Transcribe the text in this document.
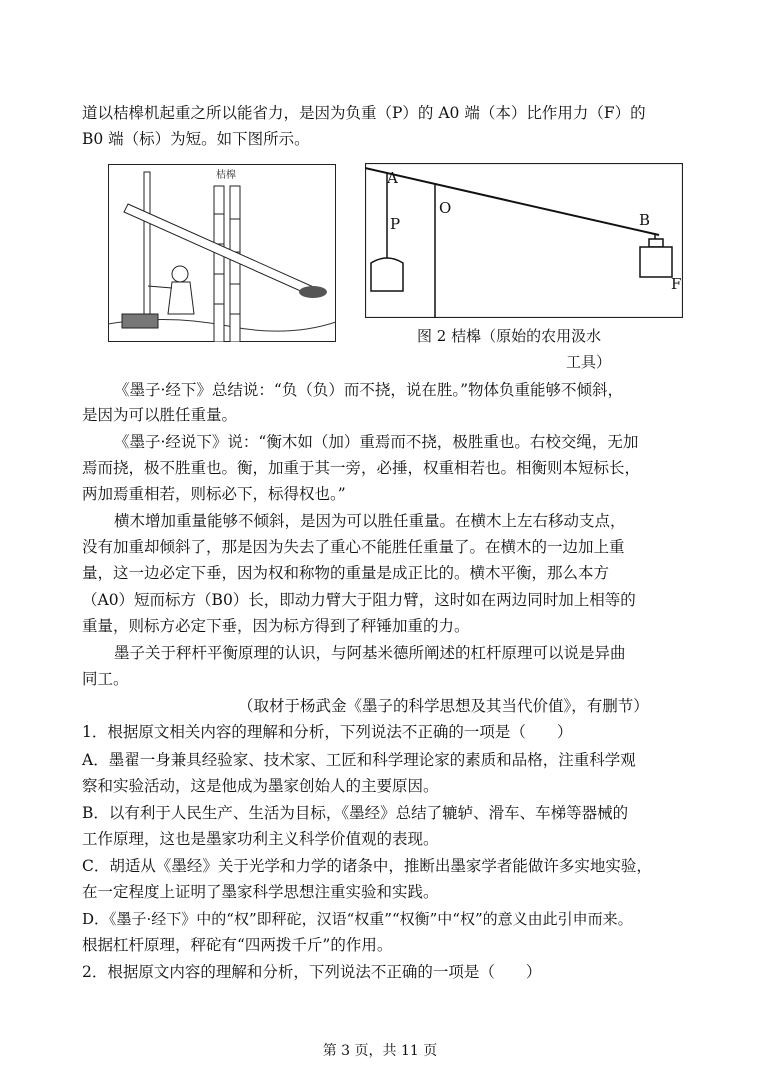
道以桔槔机起重之所以能省力，是因为负重（P）的 A0 端（本）比作用力（F）的
B0 端（标）为短。如下图所示。
桔槔	A
O
P	B
F
图 2 桔槔（原始的农用汲水
工具）
《墨子·经下》总结说：“负（负）而不挠，说在胜。”物体负重能够不倾斜，
是因为可以胜任重量。
《墨子·经说下》说：“衡木如（加）重焉而不挠，极胜重也。右校交绳，无加
焉而挠，极不胜重也。衡，加重于其一旁，必捶，权重相若也。相衡则本短标长，
两加焉重相若，则标必下，标得权也。”
横木增加重量能够不倾斜，是因为可以胜任重量。在横木上左右移动支点，
没有加重却倾斜了，那是因为失去了重心不能胜任重量了。在横木的一边加上重
量，这一边必定下垂，因为权和称物的重量是成正比的。横木平衡，那么本方
（A0）短而标方（B0）长，即动力臂大于阻力臂，这时如在两边同时加上相等的
重量，则标方必定下垂，因为标方得到了秤锤加重的力。
墨子关于秤杆平衡原理的认识，与阿基米德所阐述的杠杆原理可以说是异曲
同工。
（取材于杨武金《墨子的科学思想及其当代价值》，有删节）
1．根据原文相关内容的理解和分析，下列说法不正确的一项是（　　）
A．墨翟一身兼具经验家、技术家、工匠和科学理论家的素质和品格，注重科学观
察和实验活动，这是他成为墨家创始人的主要原因。
B．以有利于人民生产、生活为目标，《墨经》总结了辘轳、滑车、车梯等器械的
工作原理，这也是墨家功利主义科学价值观的表现。
C．胡适从《墨经》关于光学和力学的诸条中，推断出墨家学者能做许多实地实验，
在一定程度上证明了墨家科学思想注重实验和实践。
D．《墨子·经下》中的“权”即秤砣，汉语“权重”“权衡”中“权”的意义由此引申而来。
根据杠杆原理，秤砣有“四两拨千斤”的作用。
2．根据原文内容的理解和分析，下列说法不正确的一项是（　　）
第 3 页，共 11 页
